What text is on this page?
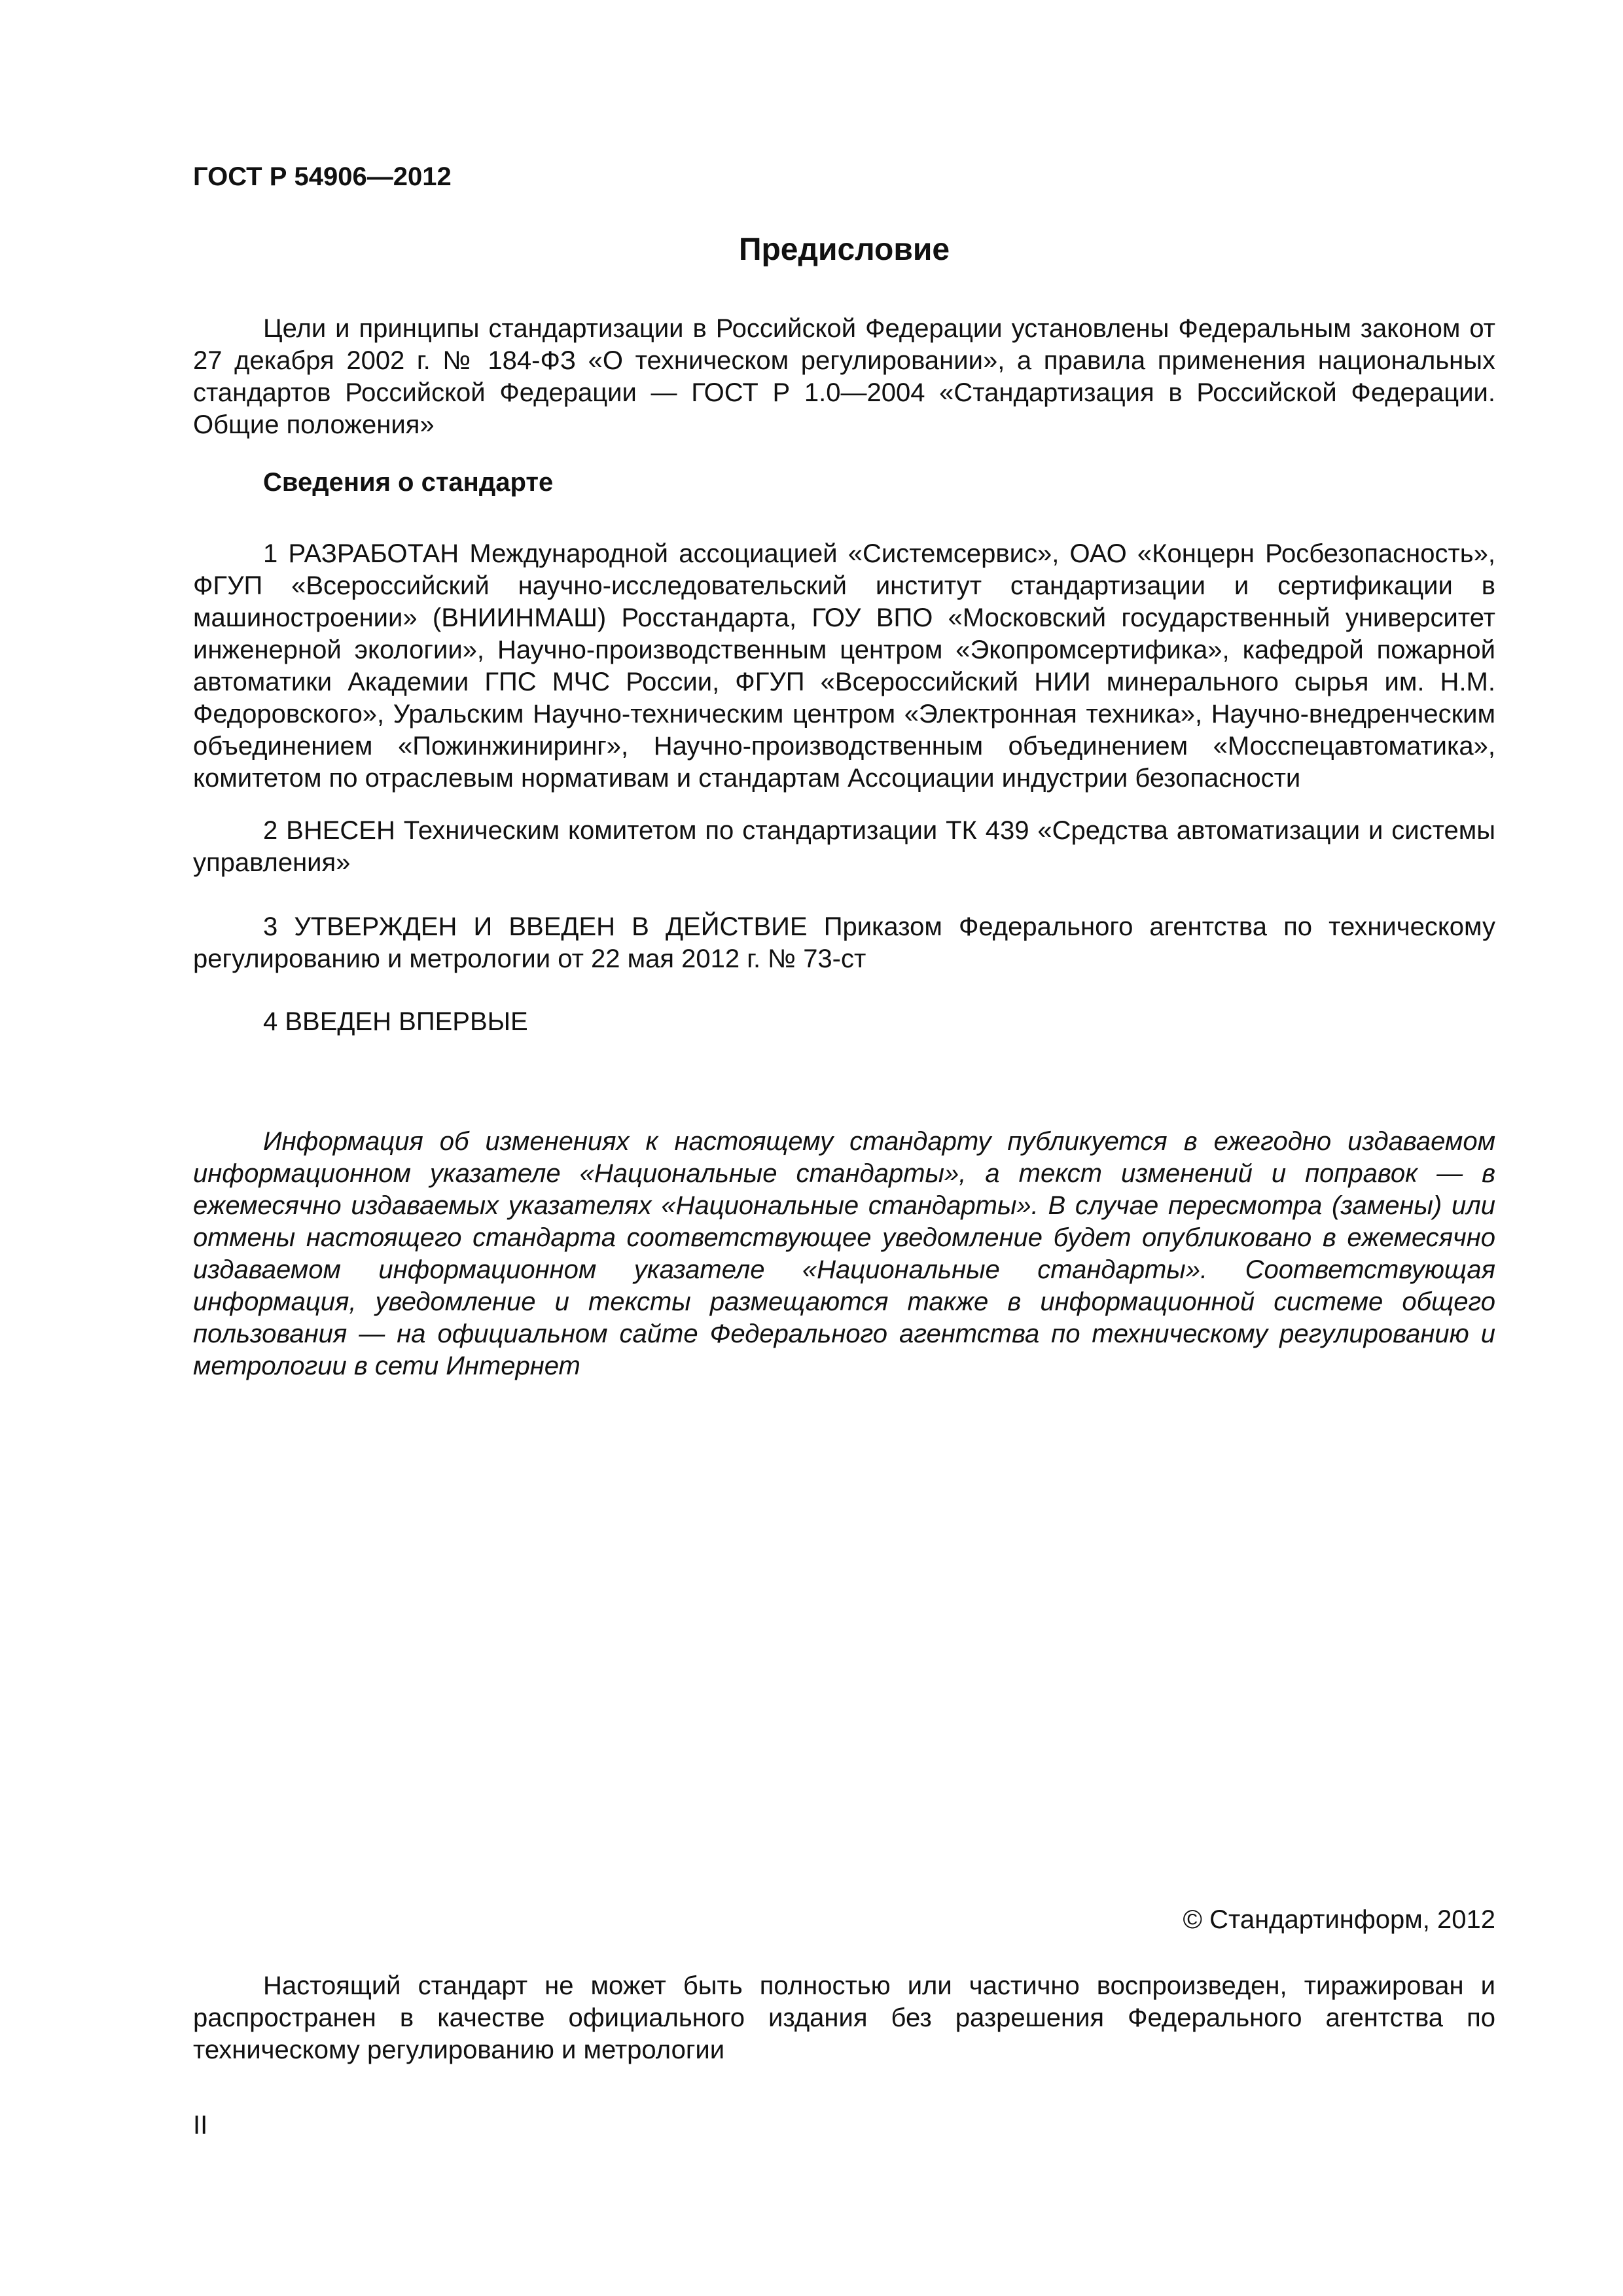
ГОСТ Р 54906—2012

Предисловие

Цели и принципы стандартизации в Российской Федерации установлены Федеральным законом от 27 декабря 2002 г. № 184-ФЗ «О техническом регулировании», а правила применения национальных стандартов Российской Федерации — ГОСТ Р 1.0—2004 «Стандартизация в Российской Федерации. Общие положения»

Сведения о стандарте

1 РАЗРАБОТАН Международной ассоциацией «Системсервис», ОАО «Концерн Росбезопасность», ФГУП «Всероссийский научно-исследовательский институт стандартизации и сертификации в машиностроении» (ВНИИНМАШ) Росстандарта, ГОУ ВПО «Московский государственный университет инженерной экологии», Научно-производственным центром «Экопромсертифика», кафедрой пожарной автоматики Академии ГПС МЧС России, ФГУП «Всероссийский НИИ минерального сырья им. Н.М. Федоровского», Уральским Научно-техническим центром «Электронная техника», Научно-внедренческим объединением «Пожинжиниринг», Научно-производственным объединением «Мосспецавтоматика», комитетом по отраслевым нормативам и стандартам Ассоциации индустрии безопасности

2 ВНЕСЕН Техническим комитетом по стандартизации ТК 439 «Средства автоматизации и системы управления»

3 УТВЕРЖДЕН И ВВЕДЕН В ДЕЙСТВИЕ Приказом Федерального агентства по техническому регулированию и метрологии от 22 мая 2012 г. № 73-ст

4 ВВЕДЕН ВПЕРВЫЕ

Информация об изменениях к настоящему стандарту публикуется в ежегодно издаваемом информационном указателе «Национальные стандарты», а текст изменений и поправок — в ежемесячно издаваемых указателях «Национальные стандарты». В случае пересмотра (замены) или отмены настоящего стандарта соответствующее уведомление будет опубликовано в ежемесячно издаваемом информационном указателе «Национальные стандарты». Соответствующая информация, уведомление и тексты размещаются также в информационной системе общего пользования — на официальном сайте Федерального агентства по техническому регулированию и метрологии в сети Интернет

© Стандартинформ, 2012

Настоящий стандарт не может быть полностью или частично воспроизведен, тиражирован и распространен в качестве официального издания без разрешения Федерального агентства по техническому регулированию и метрологии

II
